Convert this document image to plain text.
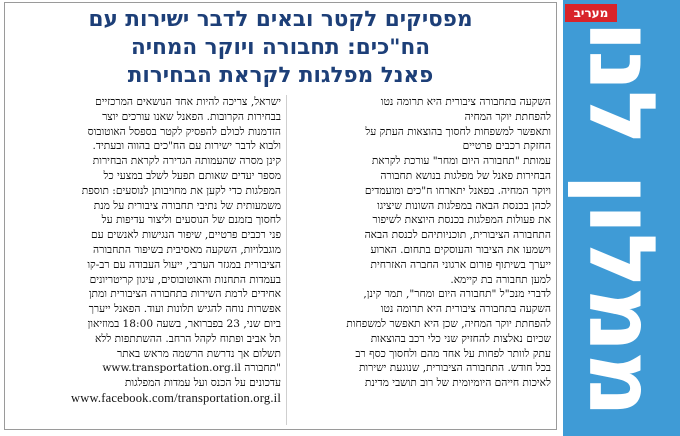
מפסיקים לקטר ובאים לדבר ישירות עם
הח"כים: תחבורה ויוקר המחיה
פאנל מפלגות לקראת הבחירות
השקעה בתחבורה ציבורית היא תרומה נטו
להפחתת יוקר המחיה
ותאפשר למשפחות לחסוך בהוצאות העתק על
החזקת רכבים פרטיים
עמותת "תחבורה היום ומחר" עורכת לקראת
הבחירות פאנל של מפלגות בנושא תחבורה
ויוקר המחיה. בפאנל יתארחו ח"כים ומועמדים
לכהן בכנסת הבאה במפלגות השונות שיציגו
את פעולות המפלגות בכנסת היוצאת לשיפור
התחבורה הציבורית, תוכניותיהם לכנסת הבאה
וישמעו את הציבור והעוסקים בתחום. הארוע
ייערך בשיתוף פורום ארגוני החברה האזרחית
למען תחבורה בת קיימא.
לדברי מנכ"ל "תחבורה היום ומחר", תמר קינן,
השקעה בתחבורה ציבורית היא תרומה נטו
להפחתת יוקר המחיה, שכן היא תאפשר למשפחות
שכיום נאלצות להחזיק שני כלי רכב בהוצאות
עתק לוותר לפחות על אחד מהם ולחסוך כסף רב
בכל חודש. התחבורה הציבורית, שנוגעת ישירות
לאיכות חייהם היומיומית של רוב תושבי מדינת
ישראל, צריכה להיות אחד הנושאים המרכזיים
בבחירות הקרובות. הפאנל שאנו עורכים יוצר
הזדמנות לכולם להפסיק לקטר בספסל האוטובוס
ולבוא לדבר ישירות עם הח"כים בהווה ובעתיד.
קינן מסרה שהעמותה הגדירה לקראת הבחירות
מספר יעדים שאותם תפעל לשלב במצעי כל
המפלגות כדי לקען את מחויבותן לנוסעים: תוספת
משמעותית של נתיבי תחבורה ציבורית על מנת
לחסוך בזמנם של הנוסעים וליצור עדיפות על
פני רכבים פרטיים, שיפור הנגישות לאנשים עם
מוגבלויות, השקעה מאסיבית בשיפור התחבורה
הציבורית במגזר הערבי, ייעול העבודה עם רב-קו
בעמדות התחנות והאוטובוסים, עיגון קריטריונים
אחידים לרמת השירות בתחבורה הציבורית ומתן
אפשרות נוחה להגיש תלונות ועוד. הפאנל ייערך
ביום שני, 23 בפברואר, בשעה 18:00 במוזיאון
תל אביב ופתוח לקהל הרחב. ההשתתפות ללא
תשלום אך נדרשת הרשמה מראש באתר
"תחבורה www.transportation.org.il
עדכונים על הכנס ועל עמדות המפלגות
www.facebook.com/transportation.org.il
מעריב
ממלון לנו
